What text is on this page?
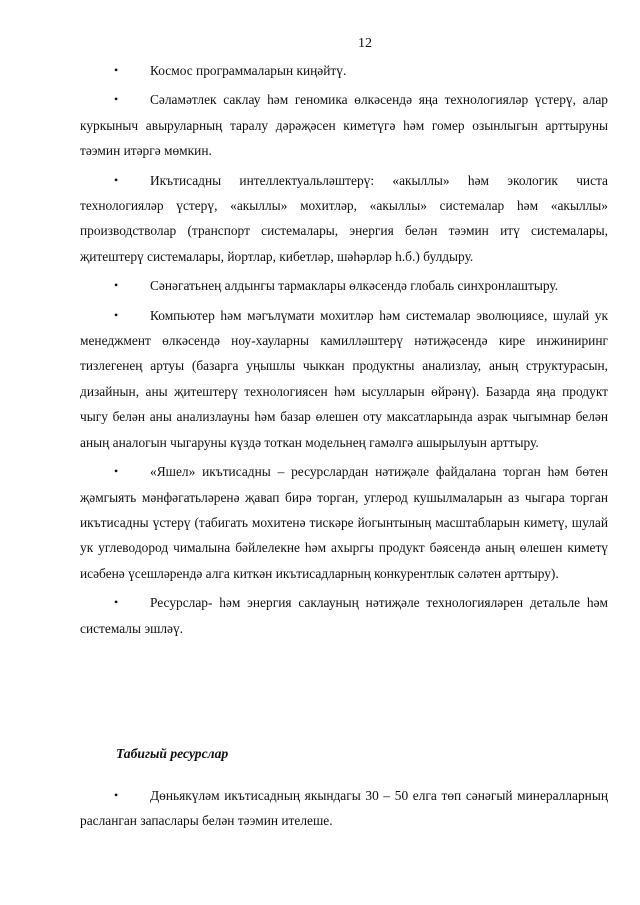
12

• Космос программаларын киңәйтү.

• Сәламәтлек саклау һәм геномика өлкәсендә яңа технологияләр үстерү, алар куркыныч авыруларның таралу дәрәҗәсен киметүгә һәм гомер озынлыгын арттыруны тәэмин итәргә мөмкин.

• Икътисадны интеллектуальләштерү: «акыллы» һәм экологик чиста технологияләр үстерү, «акыллы» мохитләр, «акыллы» системалар һәм «акыллы» производстволар (транспорт системалары, энергия белән тәэмин итү системалары, җитештерү системалары, йортлар, кибетләр, шәһәрләр һ.б.) булдыру.

• Сәнәгатьнең алдынгы тармаклары өлкәсендә глобаль синхронлаштыру.

• Компьютер һәм мәгълүмати мохитләр һәм системалар эволюциясе, шулай ук менеджмент өлкәсендә ноу-хауларны камилләштерү нәтиҗәсендә кире инжиниринг тизлегенең артуы (базарга уңышлы чыккан продуктны анализлау, аның структурасын, дизайнын, аны җитештерү технологиясен һәм ысулларын өйрәнү). Базарда яңа продукт чыгу белән аны анализлауны һәм базар өлешен оту максатларында азрак чыгымнар белән аның аналогын чыгаруны күздә тоткан модельнең гамәлгә ашырылуын арттыру.

• «Яшел» икътисадны – ресурслардан нәтиҗәле файдалана торган һәм бөтен җәмгыять мәнфәгатьләренә җавап бирә торган, углерод кушылмаларын аз чыгара торган икътисадны үстерү (табигать мохитенә тискәре йогынтының масштабларын киметү, шулай ук углеводород чималына бәйлелекне һәм ахыргы продукт бәясендә аның өлешен киметү исәбенә үсешләрендә алга киткән икътисадларның конкурентлык сәләтен арттыру).

• Ресурслар- һәм энергия саклауның нәтиҗәле технологияләрен детальле һәм системалы эшләү.

Табигый ресурслар

• Дөньякүләм икътисадның якындагы 30 – 50 елга төп сәнәгый минералларның расланган запаслары белән тәэмин ителеше.
